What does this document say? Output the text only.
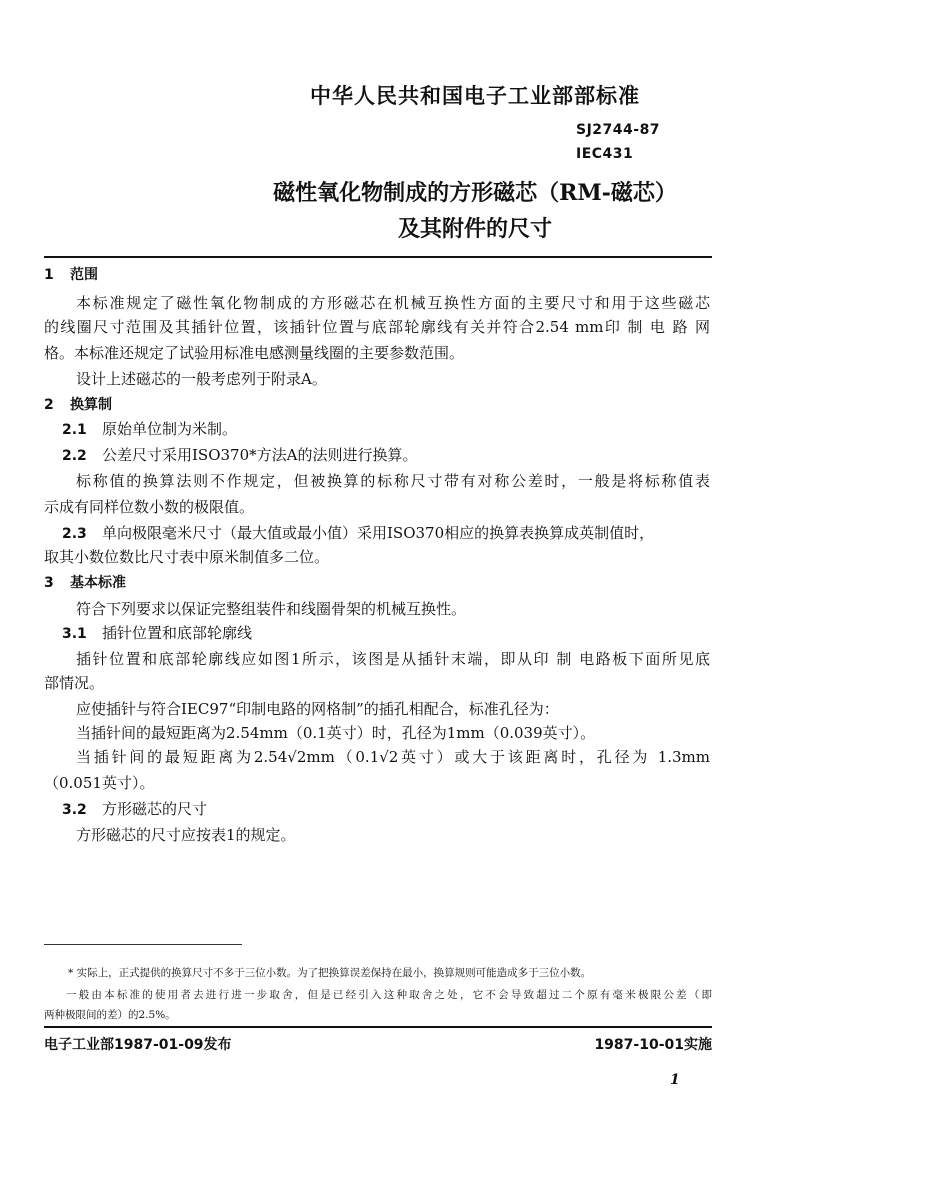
中华人民共和国电子工业部部标准
SJ2744-87
IEC431
磁性氧化物制成的方形磁芯（RM-磁芯）
及其附件的尺寸
1 范围
本标准规定了磁性氧化物制成的方形磁芯在机械互换性方面的主要尺寸和用于这些磁芯
的线圈尺寸范围及其插针位置，该插针位置与底部轮廓线有关并符合2.54 mm印 制 电 路 网
格。本标准还规定了试验用标准电感测量线圈的主要参数范围。
设计上述磁芯的一般考虑列于附录A。
2 换算制
2.1 原始单位制为米制。
2.2 公差尺寸采用ISO370*方法A的法则进行换算。
标称值的换算法则不作规定，但被换算的标称尺寸带有对称公差时，一般是将标称值表
示成有同样位数小数的极限值。
2.3 单向极限毫米尺寸（最大值或最小值）采用ISO370相应的换算表换算成英制值时，
取其小数位数比尺寸表中原米制值多二位。
3 基本标准
符合下列要求以保证完整组装件和线圈骨架的机械互换性。
3.1 插针位置和底部轮廓线
插针位置和底部轮廓线应如图1所示，该图是从插针末端，即从印 制 电路板下面所见底
部情况。
应使插针与符合IEC97“印制电路的网格制”的插孔相配合，标准孔径为：
当插针间的最短距离为2.54mm（0.1英寸）时，孔径为1mm（0.039英寸）。
当插针间的最短距离为2.54√2mm（0.1√2英寸）或大于该距离时，孔径为 1.3mm
（0.051英寸）。
3.2 方形磁芯的尺寸
方形磁芯的尺寸应按表1的规定。
* 实际上，正式提供的换算尺寸不多于三位小数。为了把换算误差保持在最小，换算规则可能造成多于三位小数。
一般由本标准的使用者去进行进一步取舍，但是已经引入这种取舍之处，它不会导致超过二个原有毫米极限公差（即
两种极限间的差）的2.5%。
电子工业部1987-01-09发布	1987-10-01实施
1
